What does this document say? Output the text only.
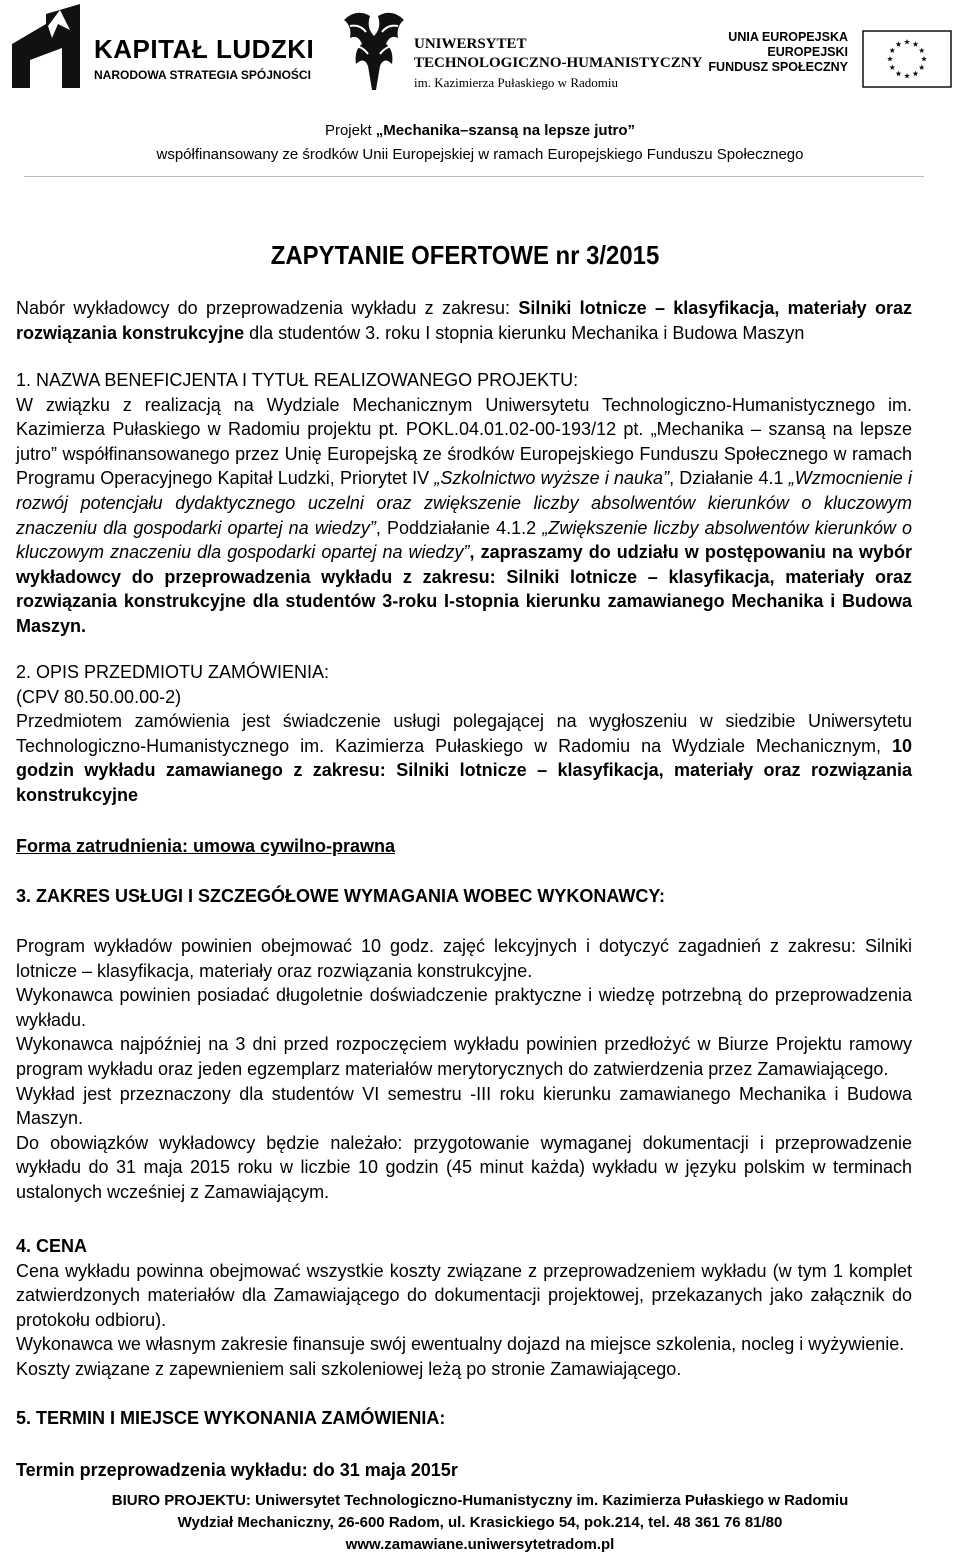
KAPITAŁ LUDZKI
NARODOWA STRATEGIA SPÓJNOŚCI
UNIWERSYTET
TECHNOLOGICZNO-HUMANISTYCZNY
im. Kazimierza Pułaskiego w Radomiu
UNIA EUROPEJSKA
EUROPEJSKI
FUNDUSZ SPOŁECZNY
Projekt „Mechanika–szansą na lepsze jutro”
współfinansowany ze środków Unii Europejskiej w ramach Europejskiego Funduszu Społecznego
ZAPYTANIE OFERTOWE nr 3/2015
Nabór wykładowcy do przeprowadzenia wykładu z zakresu: Silniki lotnicze – klasyfikacja, materiały oraz rozwiązania konstrukcyjne dla studentów 3. roku I stopnia kierunku Mechanika i Budowa Maszyn
1. NAZWA BENEFICJENTA I TYTUŁ REALIZOWANEGO PROJEKTU:
W związku z realizacją na Wydziale Mechanicznym Uniwersytetu Technologiczno-Humanistycznego im. Kazimierza Pułaskiego w Radomiu projektu pt. POKL.04.01.02-00-193/12 pt. „Mechanika – szansą na lepsze jutro” współfinansowanego przez Unię Europejską ze środków Europejskiego Funduszu Społecznego w ramach Programu Operacyjnego Kapitał Ludzki, Priorytet IV „Szkolnictwo wyższe i nauka”, Działanie 4.1 „Wzmocnienie i rozwój potencjału dydaktycznego uczelni oraz zwiększenie liczby absolwentów kierunków o kluczowym znaczeniu dla gospodarki opartej na wiedzy”, Poddziałanie 4.1.2 „Zwiększenie liczby absolwentów kierunków o kluczowym znaczeniu dla gospodarki opartej na wiedzy”, zapraszamy do udziału w postępowaniu na wybór wykładowcy do przeprowadzenia wykładu z zakresu: Silniki lotnicze – klasyfikacja, materiały oraz rozwiązania konstrukcyjne dla studentów 3-roku I-stopnia kierunku zamawianego Mechanika i Budowa Maszyn.
2. OPIS PRZEDMIOTU ZAMÓWIENIA:
(CPV 80.50.00.00-2)
Przedmiotem zamówienia jest świadczenie usługi polegającej na wygłoszeniu w siedzibie Uniwersytetu Technologiczno-Humanistycznego im. Kazimierza Pułaskiego w Radomiu na Wydziale Mechanicznym, 10 godzin wykładu zamawianego z zakresu: Silniki lotnicze – klasyfikacja, materiały oraz rozwiązania konstrukcyjne
Forma zatrudnienia: umowa cywilno-prawna
3. ZAKRES USŁUGI I SZCZEGÓŁOWE WYMAGANIA WOBEC WYKONAWCY:
Program wykładów powinien obejmować 10 godz. zajęć lekcyjnych i dotyczyć zagadnień z zakresu: Silniki lotnicze – klasyfikacja, materiały oraz rozwiązania konstrukcyjne.
Wykonawca powinien posiadać długoletnie doświadczenie praktyczne i wiedzę potrzebną do przeprowadzenia wykładu.
Wykonawca najpóźniej na 3 dni przed rozpoczęciem wykładu powinien przedłożyć w Biurze Projektu ramowy program wykładu oraz jeden egzemplarz materiałów merytorycznych do zatwierdzenia przez Zamawiającego.
Wykład jest przeznaczony dla studentów VI semestru -III roku kierunku zamawianego Mechanika i Budowa Maszyn.
Do obowiązków wykładowcy będzie należało: przygotowanie wymaganej dokumentacji i przeprowadzenie wykładu do 31 maja 2015 roku w liczbie 10 godzin (45 minut każda) wykładu w języku polskim w terminach ustalonych wcześniej z Zamawiającym.
4. CENA
Cena wykładu powinna obejmować wszystkie koszty związane z przeprowadzeniem wykładu (w tym 1 komplet zatwierdzonych materiałów dla Zamawiającego do dokumentacji projektowej, przekazanych jako załącznik do protokołu odbioru).
Wykonawca we własnym zakresie finansuje swój ewentualny dojazd na miejsce szkolenia, nocleg i wyżywienie.
Koszty związane z zapewnieniem sali szkoleniowej leżą po stronie Zamawiającego.
5. TERMIN I MIEJSCE WYKONANIA ZAMÓWIENIA:
Termin przeprowadzenia wykładu: do 31 maja 2015r
BIURO PROJEKTU: Uniwersytet Technologiczno-Humanistyczny im. Kazimierza Pułaskiego w Radomiu
Wydział Mechaniczny, 26-600 Radom, ul. Krasickiego 54, pok.214, tel. 48 361 76 81/80
www.zamawiane.uniwersytetradom.pl
